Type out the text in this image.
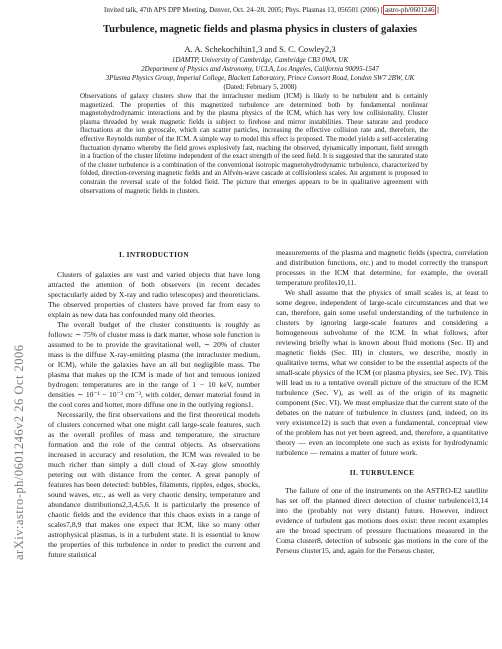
Invited talk, 47th APS DPP Meeting, Denver, Oct. 24–28, 2005; Phys. Plasmas 13, 056501 (2006) [ astro-ph/0601246 ]
arXiv:astro-ph/0601246v2 26 Oct 2006
Turbulence, magnetic fields and plasma physics in clusters of galaxies
A. A. Schekochihin1,3 and S. C. Cowley2,3
1DAMTP, University of Cambridge, Cambridge CB3 0WA, UK
2Department of Physics and Astronomy, UCLA, Los Angeles, California 90095-1547
3Plasma Physics Group, Imperial College, Blackett Laboratory, Prince Consort Road, London SW7 2BW, UK
(Dated: February 5, 2008)
Observations of galaxy clusters show that the intracluster medium (ICM) is likely to be turbulent and is certainly magnetized. The properties of this magnetized turbulence are determined both by fundamental nonlinear magnetohydrodynamic interactions and by the plasma physics of the ICM, which has very low collisionality. Cluster plasma threaded by weak magnetic fields is subject to firehose and mirror instabilities. These saturate and produce fluctuations at the ion gyroscale, which can scatter particles, increasing the effective collision rate and, therefore, the effective Reynolds number of the ICM. A simple way to model this effect is proposed. The model yields a self-accelerating fluctuation dynamo whereby the field grows explosively fast, reaching the observed, dynamically important, field strength in a fraction of the cluster lifetime independent of the exact strength of the seed field. It is suggested that the saturated state of the cluster turbulence is a combination of the conventional isotropic magnetohydrodynamic turbulence, characterized by folded, direction-reversing magnetic fields and an Alfvén-wave cascade at collisionless scales. An argument is proposed to constrain the reversal scale of the folded field. The picture that emerges appears to be in qualitative agreement with observations of magnetic fields in clusters.
I. INTRODUCTION

Clusters of galaxies are vast and varied objects that have long attracted the attention of both observers (in recent decades spectacularly aided by X-ray and radio telescopes) and theoreticians. The observed properties of clusters have proved far from easy to explain as new data has confounded many old theories.

The overall budget of the cluster constituents is roughly as follows: ∼ 75% of cluster mass is dark matter, whose sole function is assumed to be to provide the gravitational well, ∼ 20% of cluster mass is the diffuse X-ray-emitting plasma (the intracluster medium, or ICM), while the galaxies have an all but negligible mass. The plasma that makes up the ICM is made of hot and tenuous ionized hydrogen: temperatures are in the range of 1 − 10 keV, number densities ∼ 10⁻¹ − 10⁻³ cm⁻³, with colder, denser material found in the cool cores and hotter, more diffuse one in the outlying regions1.

Necessarily, the first observations and the first theoretical models of clusters concerned what one might call large-scale features, such as the overall profiles of mass and temperature, the structure formation and the role of the central objects. As observations increased in accuracy and resolution, the ICM was revealed to be much richer than simply a dull cloud of X-ray glow smoothly petering out with distance from the center. A great panoply of features has been detected: bubbles, filaments, ripples, edges, shocks, sound waves, etc., as well as very chaotic density, temperature and abundance distributions2,3,4,5,6. It is particularly the presence of chaotic fields and the evidence that this chaos exists in a range of scales7,8,9 that makes one expect that ICM, like so many other astrophysical plasmas, is in a turbulent state. It is essential to know the properties of this turbulence in order to predict the current and future statistical

measurements of the plasma and magnetic fields (spectra, correlation and distribution functions, etc.) and to model correctly the transport processes in the ICM that determine, for example, the overall temperature profiles10,11.

We shall assume that the physics of small scales is, at least to some degree, independent of large-scale circumstances and that we can, therefore, gain some useful understanding of the turbulence in clusters by ignoring large-scale features and considering a homogeneous subvolume of the ICM. In what follows, after reviewing briefly what is known about fluid motions (Sec. II) and magnetic fields (Sec. III) in clusters, we describe, mostly in qualitative terms, what we consider to be the essential aspects of the small-scale physics of the ICM (or plasma physics, see Sec. IV). This will lead us to a tentative overall picture of the structure of the ICM turbulence (Sec. V), as well as of the origin of its magnetic component (Sec. VI). We must emphasize that the current state of the debates on the nature of turbulence in clusters (and, indeed, on its very existence12) is such that even a fundamental, conceptual view of the problem has not yet been agreed, and, therefore, a quantitative theory — even an incomplete one such as exists for hydrodynamic turbulence — remains a matter of future work.

II. TURBULENCE

The failure of one of the instruments on the ASTRO-E2 satellite has set off the planned direct detection of cluster turbulence13,14 into the (probably not very distant) future. However, indirect evidence of turbulent gas motions does exist: three recent examples are the broad spectrum of pressure fluctuations measured in the Coma cluster8, detection of subsonic gas motions in the core of the Perseus cluster15, and, again for the Perseus cluster,
